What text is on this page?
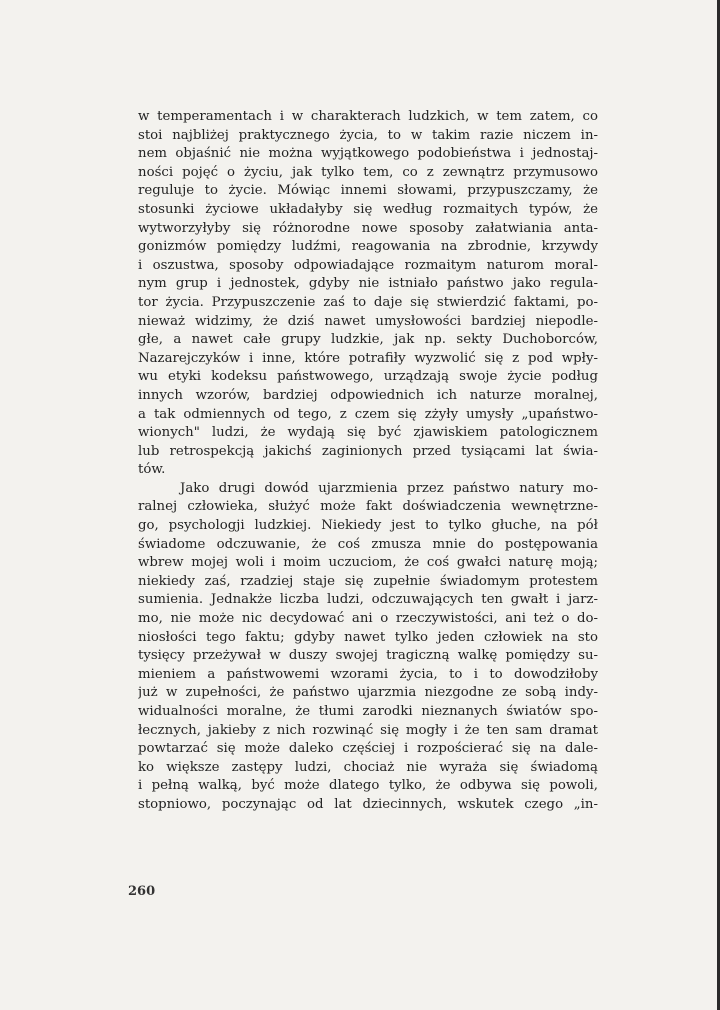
w temperamentach i w charakterach ludzkich, w tem zatem, co
stoi najbliżej praktycznego życia, to w takim razie niczem in-
nem objaśnić nie można wyjątkowego podobieństwa i jednostaj-
ności pojęć o życiu, jak tylko tem, co z zewnątrz przymusowo
reguluje to życie. Mówiąc innemi słowami, przypuszczamy, że
stosunki życiowe układałyby się według rozmaitych typów, że
wytworzyłyby się różnorodne nowe sposoby załatwiania anta-
gonizmów pomiędzy ludźmi, reagowania na zbrodnie, krzywdy
i oszustwa, sposoby odpowiadające rozmaitym naturom moral-
nym grup i jednostek, gdyby nie istniało państwo jako regula-
tor życia. Przypuszczenie zaś to daje się stwierdzić faktami, po-
nieważ widzimy, że dziś nawet umysłowości bardziej niepodle-
głe, a nawet całe grupy ludzkie, jak np. sekty Duchoborców,
Nazarejczyków i inne, które potrafiły wyzwolić się z pod wpły-
wu etyki kodeksu państwowego, urządzają swoje życie podług
innych wzorów, bardziej odpowiednich ich naturze moralnej,
a tak odmiennych od tego, z czem się zżyły umysły „upaństwo-
wionych" ludzi, że wydają się być zjawiskiem patologicznem
lub retrospekcją jakichś zaginionych przed tysiącami lat świa-
tów.
Jako drugi dowód ujarzmienia przez państwo natury mo-
ralnej człowieka, służyć może fakt doświadczenia wewnętrzne-
go, psychologji ludzkiej. Niekiedy jest to tylko głuche, na pół
świadome odczuwanie, że coś zmusza mnie do postępowania
wbrew mojej woli i moim uczuciom, że coś gwałci naturę moją;
niekiedy zaś, rzadziej staje się zupełnie świadomym protestem
sumienia. Jednakże liczba ludzi, odczuwających ten gwałt i jarz-
mo, nie może nic decydować ani o rzeczywistości, ani też o do-
niosłości tego faktu; gdyby nawet tylko jeden człowiek na sto
tysięcy przeżywał w duszy swojej tragiczną walkę pomiędzy su-
mieniem a państwowemi wzorami życia, to i to dowodziłoby
już w zupełności, że państwo ujarzmia niezgodne ze sobą indy-
widualności moralne, że tłumi zarodki nieznanych światów spo-
łecznych, jakieby z nich rozwinąć się mogły i że ten sam dramat
powtarzać się może daleko częściej i rozpościerać się na dale-
ko większe zastępy ludzi, chociaż nie wyraża się świadomą
i pełną walką, być może dlatego tylko, że odbywa się powoli,
stopniowo, poczynając od lat dziecinnych, wskutek czego „in-
260
